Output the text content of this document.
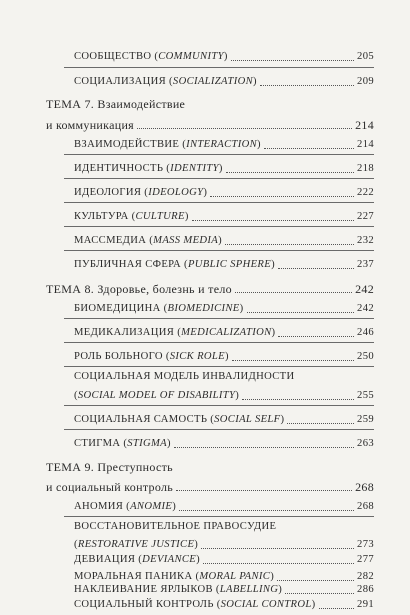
СООБЩЕСТВО (COMMUNITY)	205
СОЦИАЛИЗАЦИЯ (SOCIALIZATION)	209
ТЕМА 7. Взаимодействие
и коммуникация	214
ВЗАИМОДЕЙСТВИЕ (INTERACTION)	214
ИДЕНТИЧНОСТЬ (IDENTITY)	218
ИДЕОЛОГИЯ (IDEOLOGY)	222
КУЛЬТУРА (CULTURE)	227
МАССМЕДИА (MASS MEDIA)	232
ПУБЛИЧНАЯ СФЕРА (PUBLIC SPHERE)	237
ТЕМА 8. Здоровье, болезнь и тело	242
БИОМЕДИЦИНА (BIOMEDICINE)	242
МЕДИКАЛИЗАЦИЯ (MEDICALIZATION)	246
РОЛЬ БОЛЬНОГО (SICK ROLE)	250
СОЦИАЛЬНАЯ МОДЕЛЬ ИНВАЛИДНОСТИ
(SOCIAL MODEL OF DISABILITY)	255
СОЦИАЛЬНАЯ САМОСТЬ (SOCIAL SELF)	259
СТИГМА (STIGMA)	263
ТЕМА 9. Преступность
и социальный контроль	268
АНОМИЯ (ANOMIE)	268
ВОССТАНОВИТЕЛЬНОЕ ПРАВОСУДИЕ
(RESTORATIVE JUSTICE)	273
ДЕВИАЦИЯ (DEVIANCE)	277
МОРАЛЬНАЯ ПАНИКА (MORAL PANIC)	282
НАКЛЕИВАНИЕ ЯРЛЫКОВ (LABELLING)	286
СОЦИАЛЬНЫЙ КОНТРОЛЬ (SOCIAL CONTROL)	291
